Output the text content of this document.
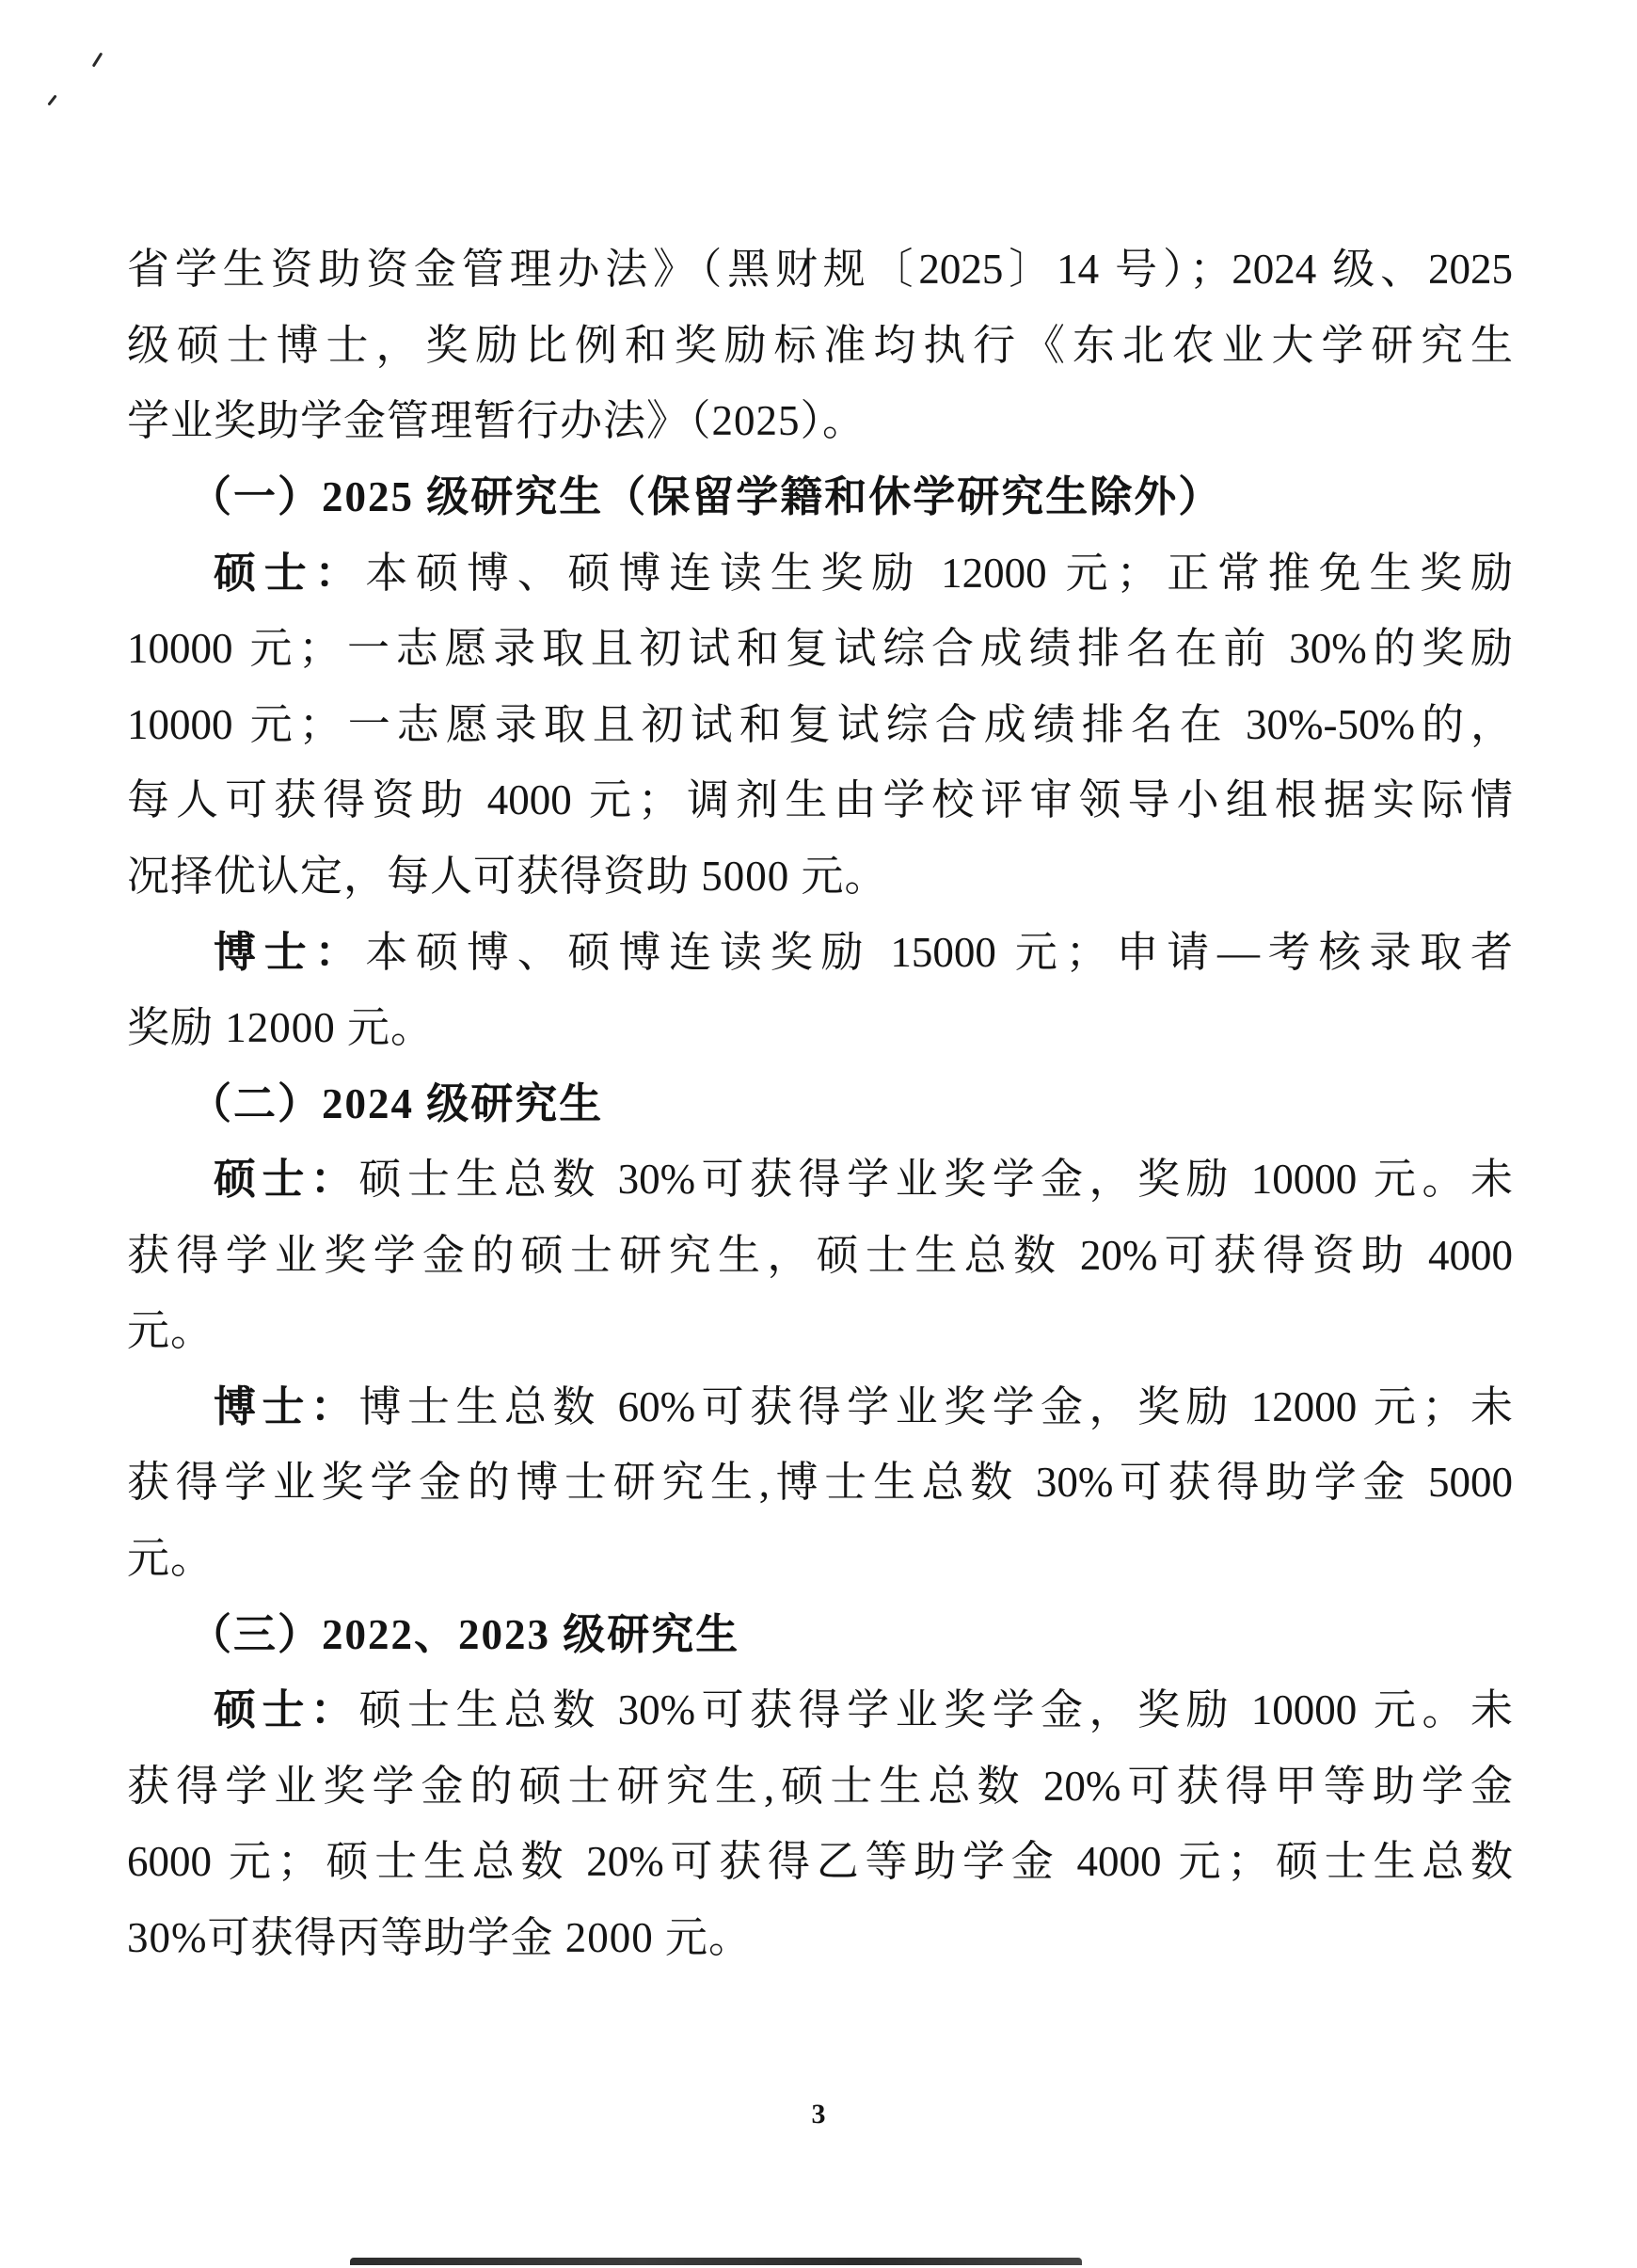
省学生资助资金管理办法》（黑财规〔2025〕14 号）；2024 级、2025
级硕士博士，奖励比例和奖励标准均执行《东北农业大学研究生
学业奖助学金管理暂行办法》（2025）。
（一）2025 级研究生（保留学籍和休学研究生除外）
硕士：本硕博、硕博连读生奖励 12000 元；正常推免生奖励
10000 元；一志愿录取且初试和复试综合成绩排名在前 30%的奖励
10000 元；一志愿录取且初试和复试综合成绩排名在 30%-50%的，
每人可获得资助 4000 元；调剂生由学校评审领导小组根据实际情
况择优认定，每人可获得资助 5000 元。
博士：本硕博、硕博连读奖励 15000 元；申请—考核录取者
奖励 12000 元。
（二）2024 级研究生
硕士：硕士生总数 30%可获得学业奖学金，奖励 10000 元。未
获得学业奖学金的硕士研究生，硕士生总数 20%可获得资助 4000
元。
博士：博士生总数 60%可获得学业奖学金，奖励 12000 元；未
获得学业奖学金的博士研究生,博士生总数 30%可获得助学金 5000
元。
（三）2022、2023 级研究生
硕士：硕士生总数 30%可获得学业奖学金，奖励 10000 元。未
获得学业奖学金的硕士研究生,硕士生总数 20%可获得甲等助学金
6000 元；硕士生总数 20%可获得乙等助学金 4000 元；硕士生总数
30%可获得丙等助学金 2000 元。
3
